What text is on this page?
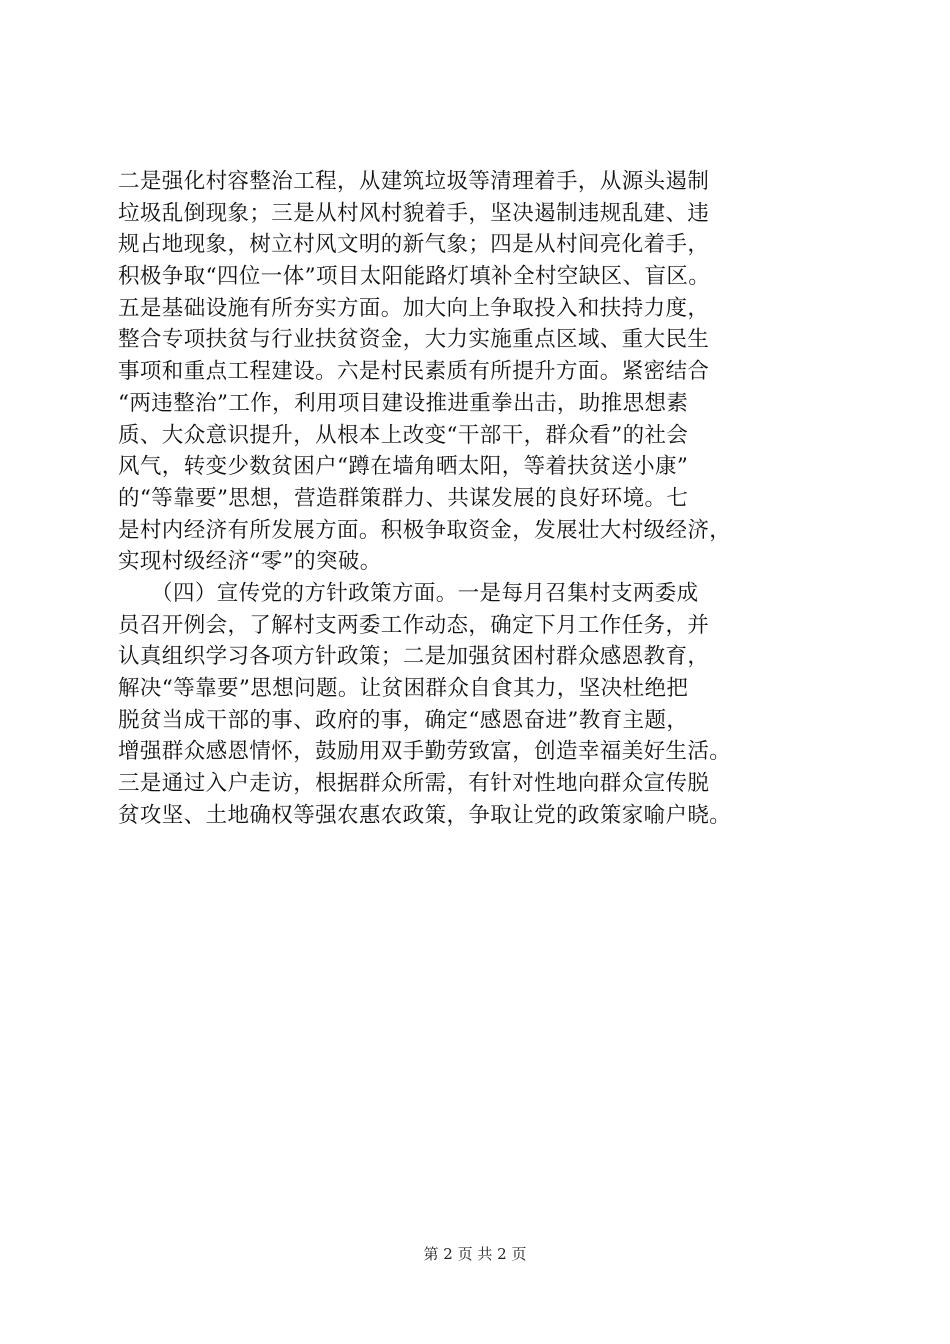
二是强化村容整治工程，从建筑垃圾等清理着手，从源头遏制
垃圾乱倒现象；三是从村风村貌着手，坚决遏制违规乱建、违
规占地现象，树立村风文明的新气象；四是从村间亮化着手，
积极争取“四位一体”项目太阳能路灯填补全村空缺区、盲区。
五是基础设施有所夯实方面。加大向上争取投入和扶持力度，
整合专项扶贫与行业扶贫资金，大力实施重点区域、重大民生
事项和重点工程建设。六是村民素质有所提升方面。紧密结合
“两违整治”工作，利用项目建设推进重拳出击，助推思想素
质、大众意识提升，从根本上改变“干部干，群众看”的社会
风气，转变少数贫困户“蹲在墙角晒太阳，等着扶贫送小康”
的“等靠要”思想，营造群策群力、共谋发展的良好环境。七
是村内经济有所发展方面。积极争取资金，发展壮大村级经济，
实现村级经济“零”的突破。
　　（四）宣传党的方针政策方面。一是每月召集村支两委成
员召开例会，了解村支两委工作动态，确定下月工作任务，并
认真组织学习各项方针政策；二是加强贫困村群众感恩教育，
解决“等靠要”思想问题。让贫困群众自食其力，坚决杜绝把
脱贫当成干部的事、政府的事，确定“感恩奋进”教育主题，
增强群众感恩情怀，鼓励用双手勤劳致富，创造幸福美好生活。
三是通过入户走访，根据群众所需，有针对性地向群众宣传脱
贫攻坚、土地确权等强农惠农政策，争取让党的政策家喻户晓。
第 2 页 共 2 页
